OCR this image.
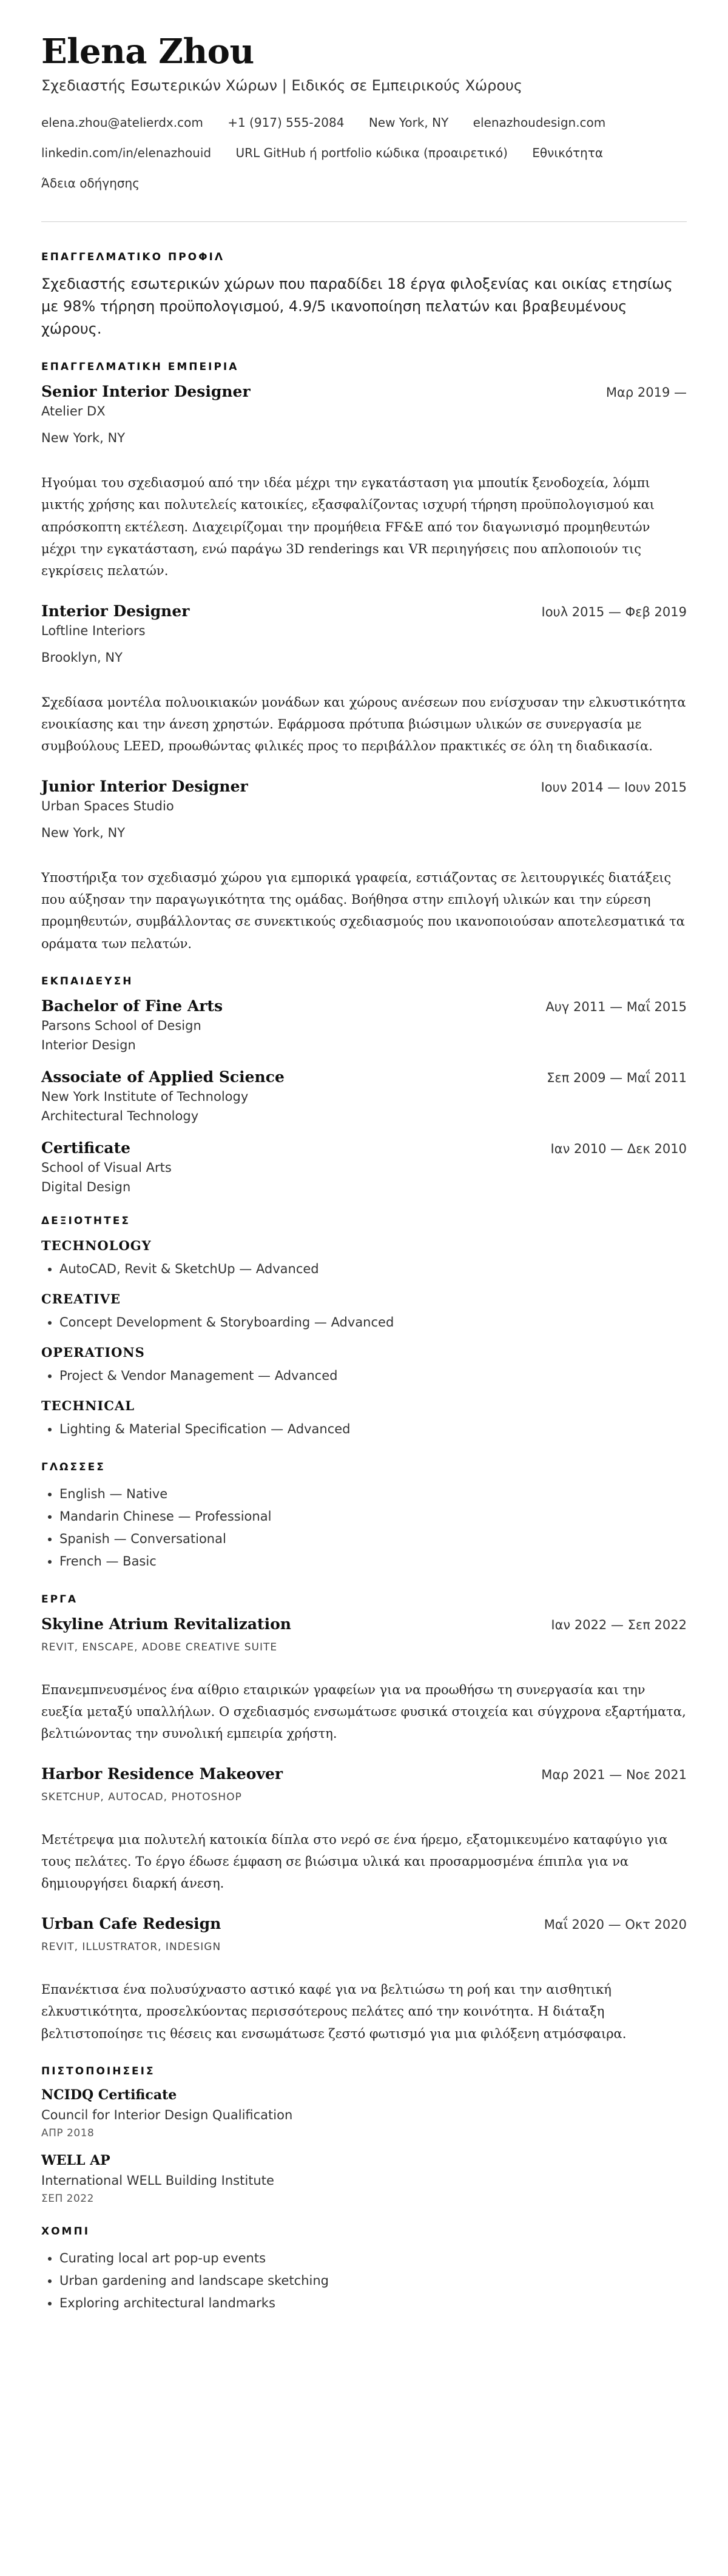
Elena Zhou
Σχεδιαστής Εσωτερικών Χώρων | Ειδικός σε Εμπειρικούς Χώρους
elena.zhou@atelierdx.com +1 (917) 555-2084 New York, NY elenazhoudesign.com
linkedin.com/in/elenazhouid URL GitHub ή portfolio κώδικα (προαιρετικό) Εθνικότητα
Άδεια οδήγησης
ΕΠΑΓΓΕΛΜΑΤΙΚΟ ΠΡΟΦΙΛ

Σχεδιαστής εσωτερικών χώρων που παραδίδει 18 έργα φιλοξενίας και οικίας ετησίως με 98% τήρηση προϋπολογισμού, 4.9/5 ικανοποίηση πελατών και βραβευμένους χώρους.

ΕΠΑΓΓΕΛΜΑΤΙΚΗ ΕΜΠΕΙΡΙΑ
Senior Interior Designer	Μαρ 2019 —
Atelier DX
New York, NY
Ηγούμαι του σχεδιασμού από την ιδέα μέχρι την εγκατάσταση για μποutίκ ξενοδοχεία, λόμπι μικτής χρήσης και πολυτελείς κατοικίες, εξασφαλίζοντας ισχυρή τήρηση προϋπολογισμού και απρόσκοπτη εκτέλεση. Διαχειρίζομαι την προμήθεια FF&E από τον διαγωνισμό προμηθευτών μέχρι την εγκατάσταση, ενώ παράγω 3D renderings και VR περιηγήσεις που απλοποιούν τις εγκρίσεις πελατών.
Interior Designer	Ιουλ 2015 — Φεβ 2019
Loftline Interiors
Brooklyn, NY
Σχεδίασα μοντέλα πολυοικιακών μονάδων και χώρους ανέσεων που ενίσχυσαν την ελκυστικότητα ενοικίασης και την άνεση χρηστών. Εφάρμοσα πρότυπα βιώσιμων υλικών σε συνεργασία με συμβούλους LEED, προωθώντας φιλικές προς το περιβάλλον πρακτικές σε όλη τη διαδικασία.
Junior Interior Designer	Ιουν 2014 — Ιουν 2015
Urban Spaces Studio
New York, NY
Υποστήριξα τον σχεδιασμό χώρου για εμπορικά γραφεία, εστιάζοντας σε λειτουργικές διατάξεις που αύξησαν την παραγωγικότητα της ομάδας. Βοήθησα στην επιλογή υλικών και την εύρεση προμηθευτών, συμβάλλοντας σε συνεκτικούς σχεδιασμούς που ικανοποιούσαν αποτελεσματικά τα οράματα των πελατών.
ΕΚΠΑΙΔΕΥΣΗ
Bachelor of Fine Arts	Αυγ 2011 — Μαΐ 2015
Parsons School of Design
Interior Design
Associate of Applied Science	Σεπ 2009 — Μαΐ 2011
New York Institute of Technology
Architectural Technology
Certificate	Ιαν 2010 — Δεκ 2010
School of Visual Arts
Digital Design
ΔΕΞΙΟΤΗΤΕΣ
TECHNOLOGY
• AutoCAD, Revit & SketchUp — Advanced
CREATIVE
• Concept Development & Storyboarding — Advanced
OPERATIONS
• Project & Vendor Management — Advanced
TECHNICAL
• Lighting & Material Specification — Advanced
ΓΛΩΣΣΕΣ
• English — Native
• Mandarin Chinese — Professional
• Spanish — Conversational
• French — Basic
ΕΡΓΑ
Skyline Atrium Revitalization	Ιαν 2022 — Σεπ 2022
REVIT, ENSCAPE, ADOBE CREATIVE SUITE
Επανεμπνευσμένος ένα αίθριο εταιρικών γραφείων για να προωθήσω τη συνεργασία και την ευεξία μεταξύ υπαλλήλων. Ο σχεδιασμός ενσωμάτωσε φυσικά στοιχεία και σύγχρονα εξαρτήματα, βελτιώνοντας την συνολική εμπειρία χρήστη.
Harbor Residence Makeover	Μαρ 2021 — Νοε 2021
SKETCHUP, AUTOCAD, PHOTOSHOP
Μετέτρεψα μια πολυτελή κατοικία δίπλα στο νερό σε ένα ήρεμο, εξατομικευμένο καταφύγιο για τους πελάτες. Το έργο έδωσε έμφαση σε βιώσιμα υλικά και προσαρμοσμένα έπιπλα για να δημιουργήσει διαρκή άνεση.
Urban Cafe Redesign	Μαΐ 2020 — Οκτ 2020
REVIT, ILLUSTRATOR, INDESIGN
Επανέκτισα ένα πολυσύχναστο αστικό καφέ για να βελτιώσω τη ροή και την αισθητική ελκυστικότητα, προσελκύοντας περισσότερους πελάτες από την κοινότητα. Η διάταξη βελτιστοποίησε τις θέσεις και ενσωμάτωσε ζεστό φωτισμό για μια φιλόξενη ατμόσφαιρα.
ΠΙΣΤΟΠΟΙΗΣΕΙΣ
NCIDQ Certificate
Council for Interior Design Qualification
ΑΠΡ 2018
WELL AP
International WELL Building Institute
ΣΕΠ 2022
ΧΟΜΠΙ
• Curating local art pop-up events
• Urban gardening and landscape sketching
• Exploring architectural landmarks
